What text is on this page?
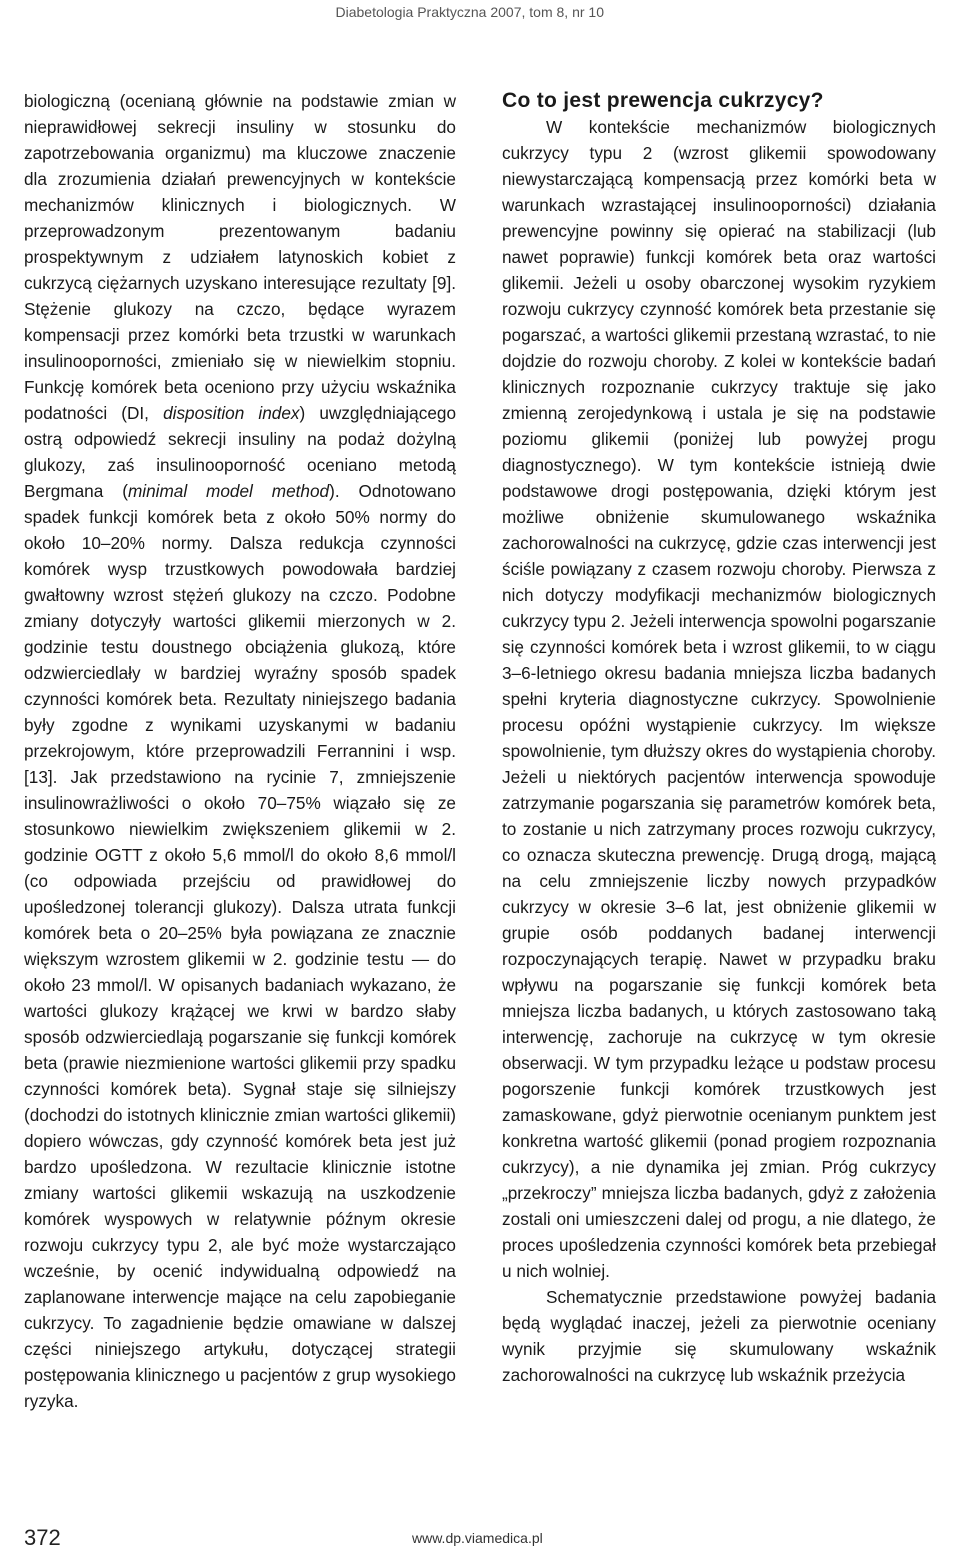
Diabetologia Praktyczna 2007, tom 8, nr 10

biologiczną (ocenianą głównie na podstawie zmian w nieprawidłowej sekrecji insuliny w stosunku do zapotrzebowania organizmu) ma kluczowe znaczenie dla zrozumienia działań prewencyjnych w kontekście mechanizmów klinicznych i biologicznych. W przeprowadzonym prezentowanym badaniu prospektywnym z udziałem latynoskich kobiet z cukrzycą ciężarnych uzyskano interesujące rezultaty [9]. Stężenie glukozy na czczo, będące wyrazem kompensacji przez komórki beta trzustki w warunkach insulinooporności, zmieniało się w niewielkim stopniu. Funkcję komórek beta oceniono przy użyciu wskaźnika podatności (DI, disposition index) uwzględniającego ostrą odpowiedź sekrecji insuliny na podaż dożylną glukozy, zaś insulinooporność oceniano metodą Bergmana (minimal model method). Odnotowano spadek funkcji komórek beta z około 50% normy do około 10–20% normy. Dalsza redukcja czynności komórek wysp trzustkowych powodowała bardziej gwałtowny wzrost stężeń glukozy na czczo. Podobne zmiany dotyczyły wartości glikemii mierzonych w 2. godzinie testu doustnego obciążenia glukozą, które odzwierciedlały w bardziej wyraźny sposób spadek czynności komórek beta. Rezultaty niniejszego badania były zgodne z wynikami uzyskanymi w badaniu przekrojowym, które przeprowadzili Ferrannini i wsp. [13]. Jak przedstawiono na rycinie 7, zmniejszenie insulinowrażliwości o około 70–75% wiązało się ze stosunkowo niewielkim zwiększeniem glikemii w 2. godzinie OGTT z około 5,6 mmol/l do około 8,6 mmol/l (co odpowiada przejściu od prawidłowej do upośledzonej tolerancji glukozy). Dalsza utrata funkcji komórek beta o 20–25% była powiązana ze znacznie większym wzrostem glikemii w 2. godzinie testu — do około 23 mmol/l. W opisanych badaniach wykazano, że wartości glukozy krążącej we krwi w bardzo słaby sposób odzwierciedlają pogarszanie się funkcji komórek beta (prawie niezmienione wartości glikemii przy spadku czynności komórek beta). Sygnał staje się silniejszy (dochodzi do istotnych klinicznie zmian wartości glikemii) dopiero wówczas, gdy czynność komórek beta jest już bardzo upośledzona. W rezultacie klinicznie istotne zmiany wartości glikemii wskazują na uszkodzenie komórek wyspowych w relatywnie późnym okresie rozwoju cukrzycy typu 2, ale być może wystarczająco wcześnie, by ocenić indywidualną odpowiedź na zaplanowane interwencje mające na celu zapobieganie cukrzycy. To zagadnienie będzie omawiane w dalszej części niniejszego artykułu, dotyczącej strategii postępowania klinicznego u pacjentów z grup wysokiego ryzyka.

Co to jest prewencja cukrzycy?

W kontekście mechanizmów biologicznych cukrzycy typu 2 (wzrost glikemii spowodowany niewystarczającą kompensacją przez komórki beta w warunkach wzrastającej insulinooporności) działania prewencyjne powinny się opierać na stabilizacji (lub nawet poprawie) funkcji komórek beta oraz wartości glikemii. Jeżeli u osoby obarczonej wysokim ryzykiem rozwoju cukrzycy czynność komórek beta przestanie się pogarszać, a wartości glikemii przestaną wzrastać, to nie dojdzie do rozwoju choroby. Z kolei w kontekście badań klinicznych rozpoznanie cukrzycy traktuje się jako zmienną zerojedynkową i ustala je się na podstawie poziomu glikemii (poniżej lub powyżej progu diagnostycznego). W tym kontekście istnieją dwie podstawowe drogi postępowania, dzięki którym jest możliwe obniżenie skumulowanego wskaźnika zachorowalności na cukrzycę, gdzie czas interwencji jest ściśle powiązany z czasem rozwoju choroby. Pierwsza z nich dotyczy modyfikacji mechanizmów biologicznych cukrzycy typu 2. Jeżeli interwencja spowolni pogarszanie się czynności komórek beta i wzrost glikemii, to w ciągu 3–6-letniego okresu badania mniejsza liczba badanych spełni kryteria diagnostyczne cukrzycy. Spowolnienie procesu opóźni wystąpienie cukrzycy. Im większe spowolnienie, tym dłuższy okres do wystąpienia choroby. Jeżeli u niektórych pacjentów interwencja spowoduje zatrzymanie pogarszania się parametrów komórek beta, to zostanie u nich zatrzymany proces rozwoju cukrzycy, co oznacza skuteczna prewencję. Drugą drogą, mającą na celu zmniejszenie liczby nowych przypadków cukrzycy w okresie 3–6 lat, jest obniżenie glikemii w grupie osób poddanych badanej interwencji rozpoczynających terapię. Nawet w przypadku braku wpływu na pogarszanie się funkcji komórek beta mniejsza liczba badanych, u których zastosowano taką interwencję, zachoruje na cukrzycę w tym okresie obserwacji. W tym przypadku leżące u podstaw procesu pogorszenie funkcji komórek trzustkowych jest zamaskowane, gdyż pierwotnie ocenianym punktem jest konkretna wartość glikemii (ponad progiem rozpoznania cukrzycy), a nie dynamika jej zmian. Próg cukrzycy „przekroczy” mniejsza liczba badanych, gdyż z założenia zostali oni umieszczeni dalej od progu, a nie dlatego, że proces upośledzenia czynności komórek beta przebiegał u nich wolniej.

Schematycznie przedstawione powyżej badania będą wyglądać inaczej, jeżeli za pierwotnie oceniany wynik przyjmie się skumulowany wskaźnik zachorowalności na cukrzycę lub wskaźnik przeżycia

372	www.dp.viamedica.pl
